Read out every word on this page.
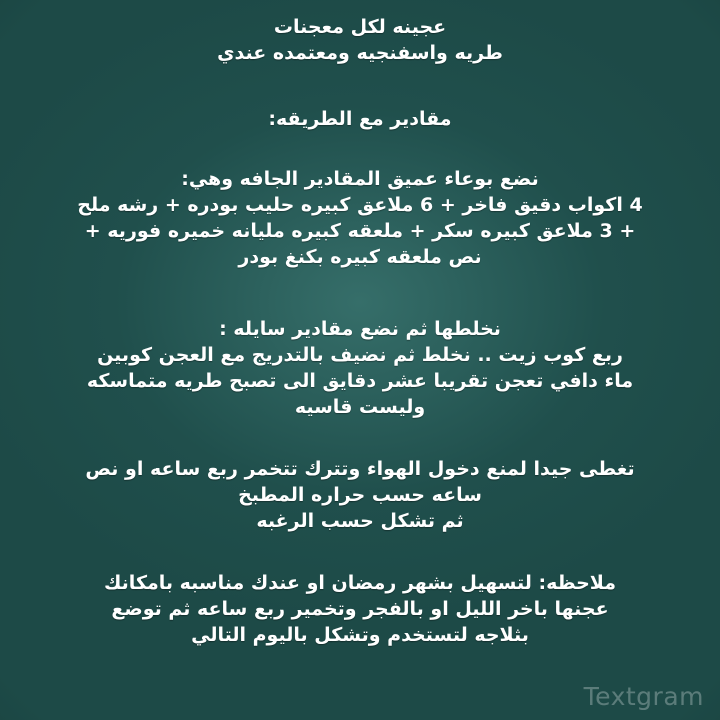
عجينه لكل معجنات
طريه واسفنجيه ومعتمده عندي
مقادير مع الطريقه:
نضع بوعاء عميق المقادير الجافه وهي:
4 اكواب دقيق فاخر + 6 ملاعق كبيره حليب بودره + رشه ملح
+ 3 ملاعق كبيره سكر + ملعقه كبيره مليانه خميره فوريه +
نص ملعقه كبيره بكنغ بودر
نخلطها ثم نضع مقادير سايله :
ربع كوب زيت .. نخلط ثم نضيف بالتدريج مع العجن كوبين
ماء دافي تعجن تقريبا عشر دقايق الى تصبح طريه متماسكه
وليست قاسيه
تغطى جيدا لمنع دخول الهواء وتترك تتخمر ربع ساعه او نص
ساعه حسب حراره المطبخ
ثم تشكل حسب الرغبه
ملاحظه: لتسهيل بشهر رمضان او عندك مناسبه بامكانك
عجنها باخر الليل او بالفجر وتخمير ربع ساعه ثم توضع
بثلاجه لتستخدم وتشكل باليوم التالي
Textgram
